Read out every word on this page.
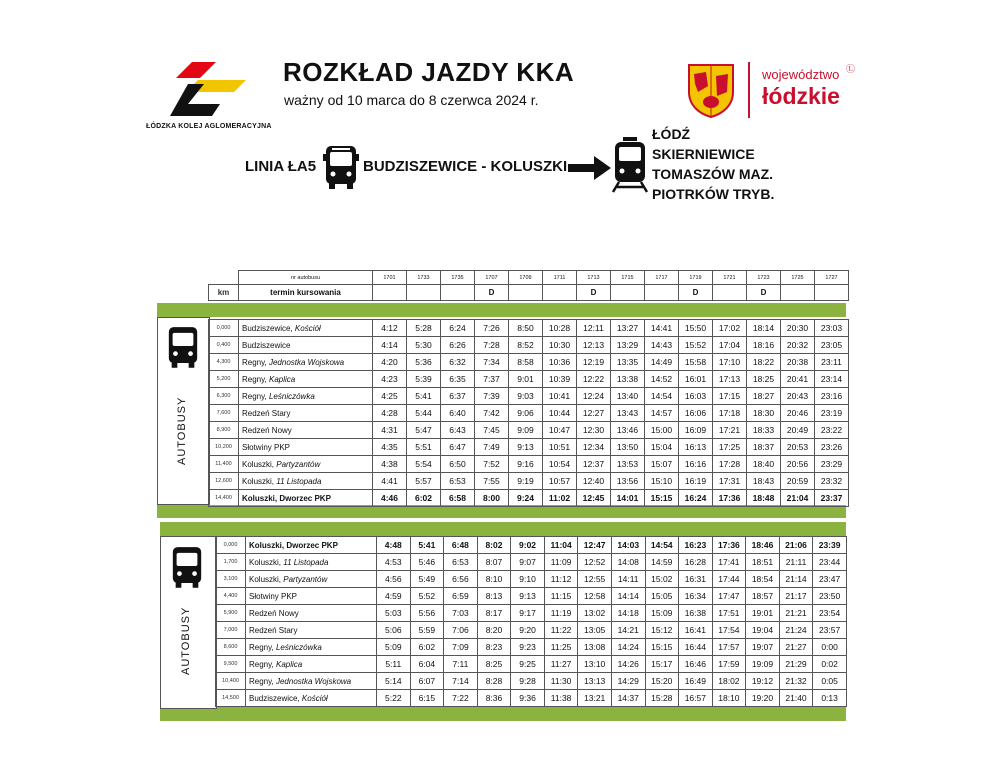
ŁÓDZKA KOLEJ AGLOMERACYJNA
ROZKŁAD JAZDY KKA
ważny od 10 marca do 8 czerwca 2024 r.
województwo Ⓛ
łódzkie
LINIA ŁA5	BUDZISZEWICE - KOLUSZKI
ŁÓDŹ
SKIERNIEWICE
TOMASZÓW MAZ.
PIOTRKÓW TRYB.
AUTOBUSY
	nr autobusu	1701	1733	1735	1707	1709	1711	1713	1715	1717	1719	1721	1723	1725	1727
km	termin kursowania				D			D			D		D		

0,000	Budziszewice, Kościół	4:12	5:28	6:24	7:26	8:50	10:28	12:11	13:27	14:41	15:50	17:02	18:14	20:30	23:03
0,400	Budziszewice	4:14	5:30	6:26	7:28	8:52	10:30	12:13	13:29	14:43	15:52	17:04	18:16	20:32	23:05
4,300	Regny, Jednostka Wojskowa	4:20	5:36	6:32	7:34	8:58	10:36	12:19	13:35	14:49	15:58	17:10	18:22	20:38	23:11
5,200	Regny, Kaplica	4:23	5:39	6:35	7:37	9:01	10:39	12:22	13:38	14:52	16:01	17:13	18:25	20:41	23:14
6,300	Regny, Leśniczówka	4:25	5:41	6:37	7:39	9:03	10:41	12:24	13:40	14:54	16:03	17:15	18:27	20:43	23:16
7,600	Redzeń Stary	4:28	5:44	6:40	7:42	9:06	10:44	12:27	13:43	14:57	16:06	17:18	18:30	20:46	23:19
8,900	Redzeń Nowy	4:31	5:47	6:43	7:45	9:09	10:47	12:30	13:46	15:00	16:09	17:21	18:33	20:49	23:22
10,200	Słotwiny PKP	4:35	5:51	6:47	7:49	9:13	10:51	12:34	13:50	15:04	16:13	17:25	18:37	20:53	23:26
11,400	Koluszki, Partyzantów	4:38	5:54	6:50	7:52	9:16	10:54	12:37	13:53	15:07	16:16	17:28	18:40	20:56	23:29
12,600	Koluszki, 11 Listopada	4:41	5:57	6:53	7:55	9:19	10:57	12:40	13:56	15:10	16:19	17:31	18:43	20:59	23:32
14,400	Koluszki, Dworzec PKP	4:46	6:02	6:58	8:00	9:24	11:02	12:45	14:01	15:15	16:24	17:36	18:48	21:04	23:37
AUTOBUSY
0,000	Koluszki, Dworzec PKP	4:48	5:41	6:48	8:02	9:02	11:04	12:47	14:03	14:54	16:23	17:36	18:46	21:06	23:39
1,700	Koluszki, 11 Listopada	4:53	5:46	6:53	8:07	9:07	11:09	12:52	14:08	14:59	16:28	17:41	18:51	21:11	23:44
3,100	Koluszki, Partyzantów	4:56	5:49	6:56	8:10	9:10	11:12	12:55	14:11	15:02	16:31	17:44	18:54	21:14	23:47
4,400	Słotwiny PKP	4:59	5:52	6:59	8:13	9:13	11:15	12:58	14:14	15:05	16:34	17:47	18:57	21:17	23:50
5,900	Redzeń Nowy	5:03	5:56	7:03	8:17	9:17	11:19	13:02	14:18	15:09	16:38	17:51	19:01	21:21	23:54
7,000	Redzeń Stary	5:06	5:59	7:06	8:20	9:20	11:22	13:05	14:21	15:12	16:41	17:54	19:04	21:24	23:57
8,600	Regny, Leśniczówka	5:09	6:02	7:09	8:23	9:23	11:25	13:08	14:24	15:15	16:44	17:57	19:07	21:27	0:00
9,500	Regny, Kaplica	5:11	6:04	7:11	8:25	9:25	11:27	13:10	14:26	15:17	16:46	17:59	19:09	21:29	0:02
10,400	Regny, Jednostka Wojskowa	5:14	6:07	7:14	8:28	9:28	11:30	13:13	14:29	15:20	16:49	18:02	19:12	21:32	0:05
14,500	Budziszewice, Kościół	5:22	6:15	7:22	8:36	9:36	11:38	13:21	14:37	15:28	16:57	18:10	19:20	21:40	0:13
